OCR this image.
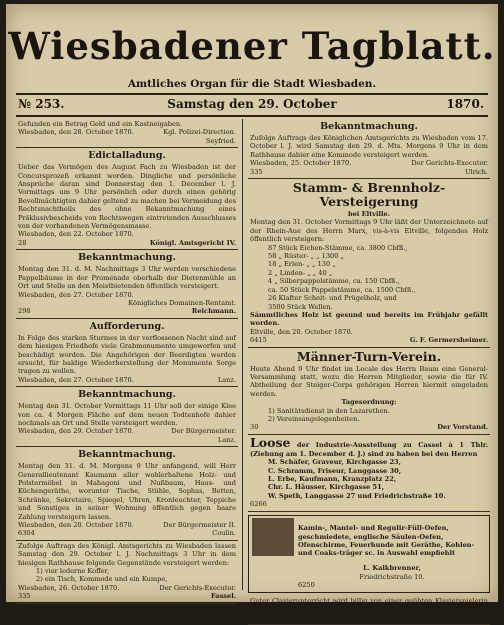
Wiesbadener Tagblatt.
Amtliches Organ für die Stadt Wiesbaden.
№ 253.	Samstag den 29. October	1870.

Gefunden ein Betrag Geld und ein Kastneigaben.

Wiesbaden, den 28. October 1870.	Kgl. Polizei-Direction.
Seyfried.
Edictalladung.

Ueber das Vermögen des August Fach zu Wiesbaden ist der Concursprozeß erkannt worden. Dingliche und persönliche Ansprüche daran sind Donnerstag den 1. December l. J. Vormittags um 9 Uhr persönlich oder durch einen gehörig Bevollmächtigten dahier geltend zu machen bei Vermeidung des Rechtsnachtheils des ohne Bekanntmachung eines Präklusivbescheids von Rechtswegen eintretenden Ausschlusses von der vorhandenen Vermögensmasse.

Wiesbaden, den 22. October 1870.
28	Königl. Amtsgericht IV.
Bekanntmachung.

Montag den 31. d. M. Nachmittags 3 Uhr werden verschiedene Pappelbäume in der Promenade oberhalb der Dietenmühle an Ort und Stelle an den Meistbietenden öffentlich versteigert.

Wiesbaden, den 27. October 1870.
Königliches Domainen-Rentamt.
298	Reichmann.
Aufforderung.

In Folge des starken Sturmes in der verflossenen Nacht sind auf dem hiesigen Friedhofe viele Grabmonumente umgeworfen und beschädigt worden. Die Angehörigen der Beerdigten werden ersucht, für baldige Wiederherstellung der Monumente Sorge tragen zu wollen.

Wiesbaden, den 27. October 1870.	Lanz.
Bekanntmachung.

Montag den 31. October Vormittags 11 Uhr soll der einige Klee von ca. 4 Morgen Fläche auf dem neuen Todtenhofe dahier nochmals an Ort und Stelle versteigert werden.

Wiesbaden, den 29. October 1870.	Der Bürgermeister.
Lanz.
Bekanntmachung.

Montag den 31. d. M. Morgens 9 Uhr anfangend, will Herr Generallieutenant Kaumann aller wohlerhaltene Holz- und Polstermöbel in Mahagoni und Nußbaum, Haus- und Küchengeräthe, worunter Tische, Stühle, Sophas, Betten, Schränke, Sekretaire, Spiegel, Uhren, Kronleuchter, Teppiche und Sonstiges in seiner Wohnung öffentlich gegen baare Zahlung versteigern lassen.

Wiesbaden, den 20. October 1870.	Der Bürgermeister II.
6304	Coulin.

Zufolge Auftrags des Königl. Amtsgerichts zu Wiesbaden lassen Samstag den 29. October l. J. Nachmittags 3 Uhr in dem hiesigen Rathhause folgende Gegenstände versteigert werden:

1) vier lederne Koffer,
2) ein Tisch, Kommode und ein Kumpe,
Wiesbaden, 26. October 1870.	Der Gerichts-Executor.
335	Fassel.
Bekanntmachung.

Zufolge Auftrags des Königlichen Amtsgerichts zu Wiesbaden vom 17. October l. J. wird Samstag den 29. d. Mts. Morgens 9 Uhr in dem Rathhause dahier eine Kommode versteigert werden.

Wiesbaden, 25. October 1870.	Der Gerichts-Executor.
335	Ulrich.
Stamm- & Brennholz-Versteigerung
bei Eltville.

Montag den 31. October Vormittags 9 Uhr läßt der Unterzeichnete auf der Rhein-Aue des Herrn Marx, vis-à-vis Eltville, folgendes Holz öffentlich versteigern:

87 Stück Eichen-Stämme, ca. 3800 Cbfß.,
58 „ Rüster- „ „ 1300 „
18 „ Erlen- „ „ 130 „
2 „ Linden- „ „ 40 „
4 „ Silberpappelstämme, ca. 150 Cbfß.,
ca. 50 Stück Pappelstämme, ca. 1500 Cbfß.,
26 Klafter Scheit- und Prügelholz, und
3500 Stück Wellen.

Sämmtliches Holz ist gesund und bereits im Frühjahr gefällt worden.

Eltville, den 20. October 1870.
6415	G. F. Germersheimer.
Männer-Turn-Verein.

Heute Abend 9 Uhr findet im Locale des Herrn Baum eine General-Versammlung statt, wozu die Herren Mitglieder, sowie die für IV. Abtheilung der Steiger-Corps gehörigen Herren hiermit eingeladen werden.

Tagesordnung:
1) Sanitätsdienst in den Lazarethen.
2) Vereinsangelegenheiten.
30	Der Vorstand.

Loose der Industrie-Ausstellung zu Cassel à 1 Thlr. (Ziehung am 1. December d. J.) sind zu haben bei den Herren

M. Schäfer, Graveur, Kirchgasse 23,
C. Schramm, Friseur, Langgasse 30,
L. Erbe, Kaufmann, Kranzplatz 22,
Chr. L. Häusser, Kirchgasse 51,
W. Speth, Langgasse 27 und Friedrichstraße 10.
6266

Kamin-, Mantel- und Regulir-Füll-Oefen, geschmiedete, englische Säulen-Oefen, Ofenschirme, Feuerhunde mit Geräthe, Kohlen- und Coaks-träger sc. in Auswahl empfiehlt

L. Kalkbrenner,
Friedrichstraße 10.
6250

Guter Clavierunterricht wird billig von einer geübten Klavierspielerin ertheilt. Näheres Expedition.

4751
